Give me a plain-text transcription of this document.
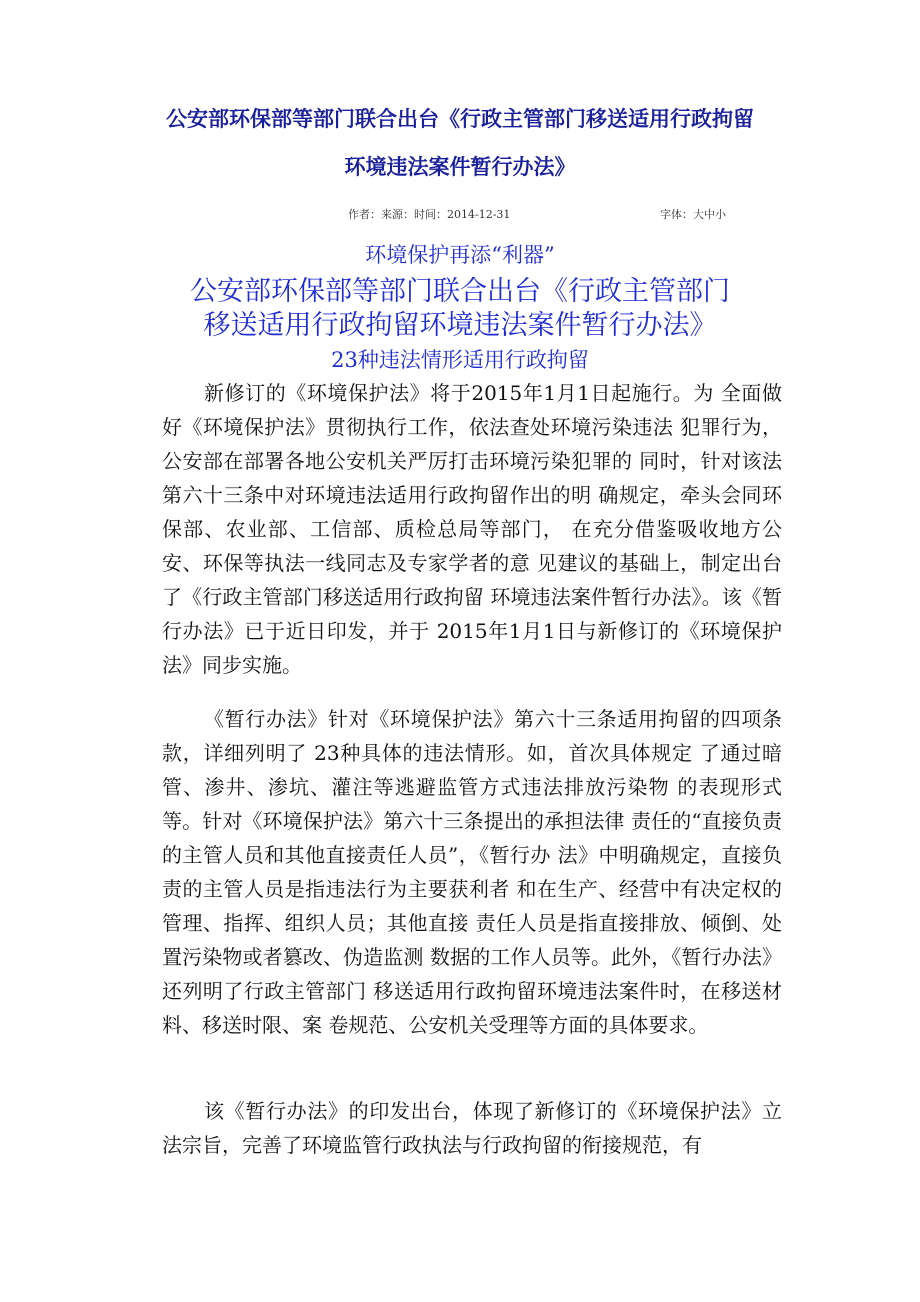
公安部环保部等部门联合出台《行政主管部门移送适用行政拘留
环境违法案件暂行办法》
作者：来源：时间：2014-12-31	字体：大中小
环境保护再添“利器”
公安部环保部等部门联合出台《行政主管部门
移送适用行政拘留环境违法案件暂行办法》
23种违法情形适用行政拘留

新修订的《环境保护法》将于2015年1月1日起施行。为 全面做好《环境保护法》贯彻执行工作，依法查处环境污染违法 犯罪行为，公安部在部署各地公安机关严厉打击环境污染犯罪的 同时，针对该法第六十三条中对环境违法适用行政拘留作出的明 确规定，牵头会同环保部、农业部、工信部、质检总局等部门， 在充分借鉴吸收地方公安、环保等执法一线同志及专家学者的意 见建议的基础上，制定出台了《行政主管部门移送适用行政拘留 环境违法案件暂行办法》。该《暂行办法》已于近日印发，并于 2015年1月1日与新修订的《环境保护法》同步实施。

《暂行办法》针对《环境保护法》第六十三条适用拘留的四项条款，详细列明了 23种具体的违法情形。如，首次具体规定 了通过暗管、渗井、渗坑、灌注等逃避监管方式违法排放污染物 的表现形式等。针对《环境保护法》第六十三条提出的承担法律 责任的“直接负责的主管人员和其他直接责任人员”，《暂行办 法》中明确规定，直接负责的主管人员是指违法行为主要获利者 和在生产、经营中有决定权的管理、指挥、组织人员；其他直接 责任人员是指直接排放、倾倒、处置污染物或者篡改、伪造监测 数据的工作人员等。此外，《暂行办法》还列明了行政主管部门 移送适用行政拘留环境违法案件时，在移送材料、移送时限、案 卷规范、公安机关受理等方面的具体要求。

该《暂行办法》的印发出台，体现了新修订的《环境保护法》立法宗旨，完善了环境监管行政执法与行政拘留的衔接规范，有
